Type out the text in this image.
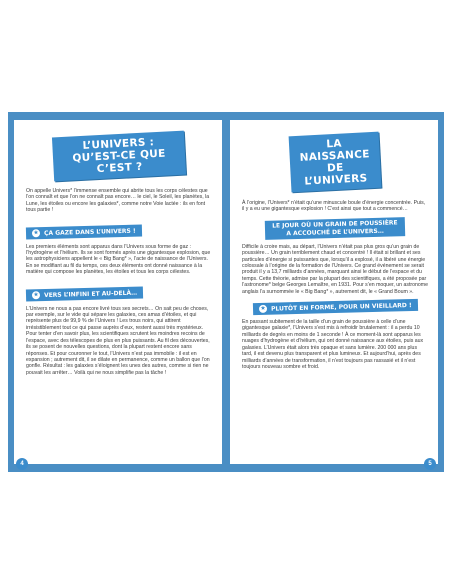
L’UNIVERS : QU’EST-CE QUE C’EST ?

On appelle Univers* l’immense ensemble qui abrite tous les corps célestes que l’on connaît et que l’on ne connaît pas encore… le ciel, le Soleil, les planètes, la Lune, les étoiles ou encore les galaxies*, comme notre Voie lactée : ils en font tous partie !

★ ÇA GAZE DANS L’UNIVERS !

Les premiers éléments sont apparus dans l’Univers sous forme de gaz : l’hydrogène et l’hélium. Ils se sont formés après une gigantesque explosion, que les astrophysiciens appellent le « Big Bang* », l’acte de naissance de l’Univers. En se modifiant au fil du temps, ces deux éléments ont donné naissance à la matière qui compose les planètes, les étoiles et tous les corps célestes.

★ VERS L’INFINI ET AU-DELÀ…

L’Univers ne nous a pas encore livré tous ses secrets… On sait peu de choses, par exemple, sur le vide qui sépare les galaxies, ces amas d’étoiles, et qui représente plus de 99,9 % de l’Univers ! Les trous noirs, qui attirent irrésistiblement tout ce qui passe auprès d’eux, restent aussi très mystérieux. Pour tenter d’en savoir plus, les scientifiques scrutent les moindres recoins de l’espace, avec des télescopes de plus en plus puissants. Au fil des découvertes, ils se posent de nouvelles questions, dont la plupart restent encore sans réponses. Et pour couronner le tout, l’Univers n’est pas immobile : il est en expansion ; autrement dit, il se dilate en permanence, comme un ballon que l’on gonfle. Résultat : les galaxies s’éloignent les unes des autres, comme si rien ne pouvait les arrêter… Voilà qui ne nous simplifie pas la tâche !

4
LA NAISSANCE DE L’UNIVERS

À l’origine, l’Univers* n’était qu’une minuscule boule d’énergie concentrée. Puis, il y a eu une gigantesque explosion ! C’est ainsi que tout a commencé…

LE JOUR OÙ UN GRAIN DE POUSSIÈRE A ACCOUCHÉ DE L’UNIVERS…

Difficile à croire mais, au départ, l’Univers n’était pas plus gros qu’un grain de poussière… Un grain terriblement chaud et concentré ! Il était si brillant et ses particules d’énergie si puissantes que, lorsqu’il a explosé, il a libéré une énergie colossale à l’origine de la formation de l’Univers. Ce grand événement se serait produit il y a 13,7 milliards d’années, marquant ainsi le début de l’espace et du temps. Cette théorie, admise par la plupart des scientifiques, a été proposée par l’astronome* belge Georges Lemaître, en 1931. Pour s’en moquer, un astronome anglais l’a surnommée le « Big Bang* », autrement dit, le « Grand Boum ».

★ PLUTÔT EN FORME, POUR UN VIEILLARD !

En passant subitement de la taille d’un grain de poussière à celle d’une gigantesque galaxie*, l’Univers s’est mis à refroidir brutalement : il a perdu 10 milliards de degrés en moins de 1 seconde ! À ce moment-là sont apparus les nuages d’hydrogène et d’hélium, qui ont donné naissance aux étoiles, puis aux galaxies. L’Univers était alors très opaque et sans lumière. 200 000 ans plus tard, il est devenu plus transparent et plus lumineux. Et aujourd’hui, après des milliards d’années de transformation, il n’est toujours pas rassasié et il n’est toujours nouveau sombre et froid.

5
